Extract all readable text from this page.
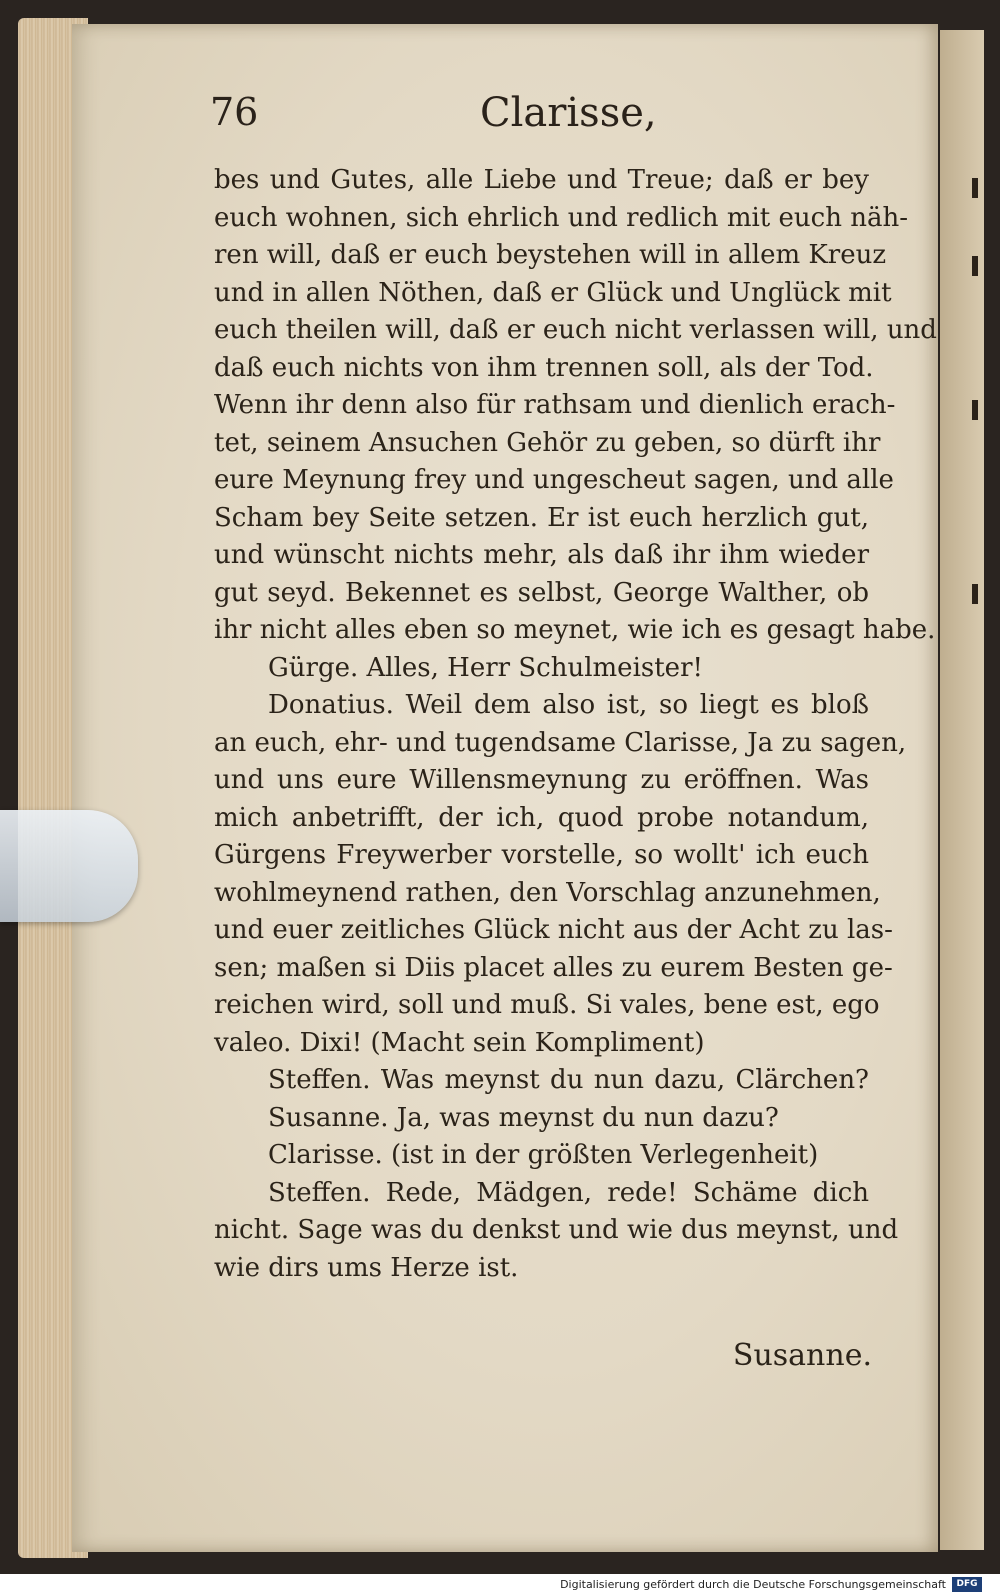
76	Clarisse,
bes und Gutes, alle Liebe und Treue; daß er bey
euch wohnen, sich ehrlich und redlich mit euch näh-
ren will, daß er euch beystehen will in allem Kreuz
und in allen Nöthen, daß er Glück und Unglück mit
euch theilen will, daß er euch nicht verlassen will, und
daß euch nichts von ihm trennen soll, als der Tod.
Wenn ihr denn also für rathsam und dienlich erach-
tet, seinem Ansuchen Gehör zu geben, so dürft ihr
eure Meynung frey und ungescheut sagen, und alle
Scham bey Seite setzen. Er ist euch herzlich gut,
und wünscht nichts mehr, als daß ihr ihm wieder
gut seyd. Bekennet es selbst, George Walther, ob
ihr nicht alles eben so meynet, wie ich es gesagt habe.
Gürge. Alles, Herr Schulmeister!
Donatius. Weil dem also ist, so liegt es bloß
an euch, ehr- und tugendsame Clarisse, Ja zu sagen,
und uns eure Willensmeynung zu eröffnen. Was
mich anbetrifft, der ich, quod probe notandum,
Gürgens Freywerber vorstelle, so wollt' ich euch
wohlmeynend rathen, den Vorschlag anzunehmen,
und euer zeitliches Glück nicht aus der Acht zu las-
sen; maßen si Diis placet alles zu eurem Besten ge-
reichen wird, soll und muß. Si vales, bene est, ego
valeo. Dixi! (Macht sein Kompliment)
Steffen. Was meynst du nun dazu, Clärchen?
Susanne. Ja, was meynst du nun dazu?
Clarisse. (ist in der größten Verlegenheit)
Steffen. Rede, Mädgen, rede! Schäme dich
nicht. Sage was du denkst und wie dus meynst, und
wie dirs ums Herze ist.
Susanne.
Digitalisierung gefördert durch die Deutsche Forschungsgemeinschaft	DFG
